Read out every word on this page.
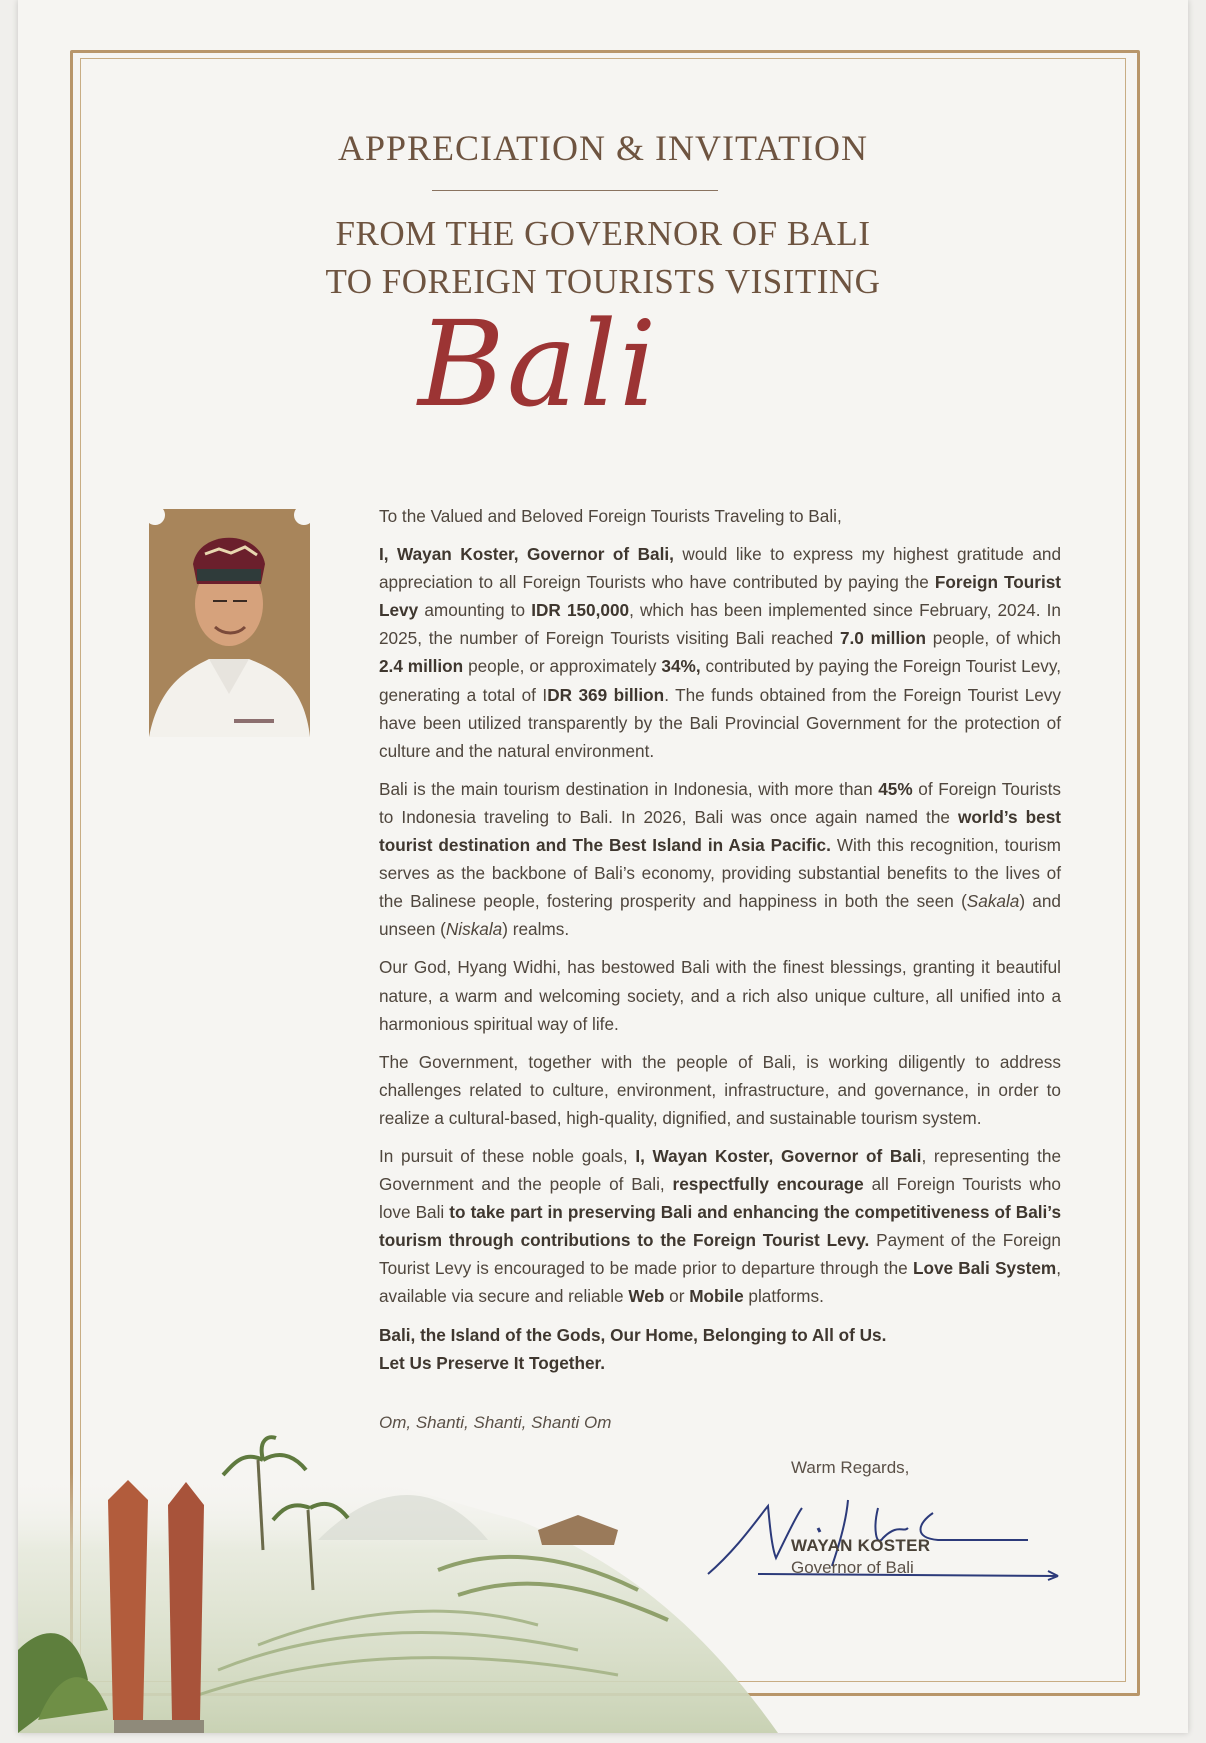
APPRECIATION & INVITATION
FROM THE GOVERNOR OF BALI
TO FOREIGN TOURISTS VISITING
Bali

To the Valued and Beloved Foreign Tourists Traveling to Bali,

I, Wayan Koster, Governor of Bali, would like to express my highest gratitude and appreciation to all Foreign Tourists who have contributed by paying the Foreign Tourist Levy amounting to IDR 150,000, which has been implemented since February, 2024. In 2025, the number of Foreign Tourists visiting Bali reached 7.0 million people, of which 2.4 million people, or approximately 34%, contributed by paying the Foreign Tourist Levy, generating a total of IDR 369 billion. The funds obtained from the Foreign Tourist Levy have been utilized transparently by the Bali Provincial Government for the protection of culture and the natural environment.

Bali is the main tourism destination in Indonesia, with more than 45% of Foreign Tourists to Indonesia traveling to Bali. In 2026, Bali was once again named the world’s best tourist destination and The Best Island in Asia Pacific. With this recognition, tourism serves as the backbone of Bali’s economy, providing substantial benefits to the lives of the Balinese people, fostering prosperity and happiness in both the seen (Sakala) and unseen (Niskala) realms.

Our God, Hyang Widhi, has bestowed Bali with the finest blessings, granting it beautiful nature, a warm and welcoming society, and a rich also unique culture, all unified into a harmonious spiritual way of life.

The Government, together with the people of Bali, is working diligently to address challenges related to culture, environment, infrastructure, and governance, in order to realize a cultural-based, high-quality, dignified, and sustainable tourism system.

In pursuit of these noble goals, I, Wayan Koster, Governor of Bali, representing the Government and the people of Bali, respectfully encourage all Foreign Tourists who love Bali to take part in preserving Bali and enhancing the competitiveness of Bali’s tourism through contributions to the Foreign Tourist Levy. Payment of the Foreign Tourist Levy is encouraged to be made prior to departure through the Love Bali System, available via secure and reliable Web or Mobile platforms.

Bali, the Island of the Gods, Our Home, Belonging to All of Us.
Let Us Preserve It Together.

Om, Shanti, Shanti, Shanti Om
Warm Regards,
WAYAN KOSTER
Governor of Bali
